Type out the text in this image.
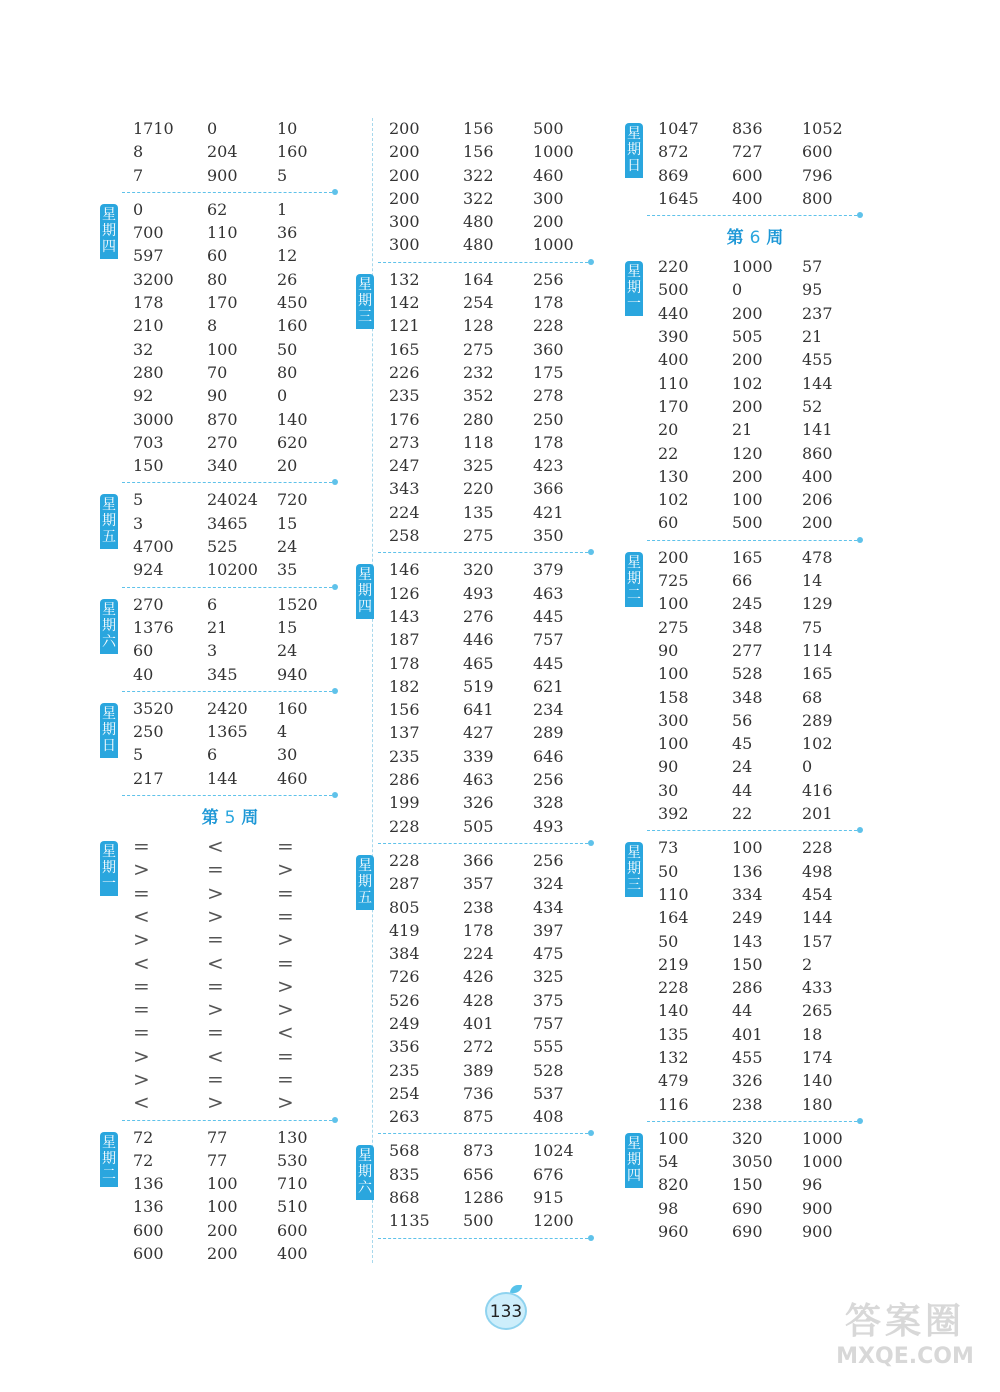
1710 0	10
8	204 160
7	900 5
星
期
四
0	62	1
700	110 36
597	60	12
3200 80	26
178	170 450
210	8	160
32	100 50
280	70	80
92	90	0
3000 870 140
703	270 620
150	340 20
星
期
五
5	24024 720
3	3465 15
4700 525 24
924	10200 35
星
期
六
270	6	1520
1376 21	15
60	3	24
40	345 940
星
期
日
3520 2420 160
250	1365 4
5	6	30
217	144 460
第 5 周
星
期
一
=	<	=
>	=	>
=	>	=
<	>	=
>	=	>
<	<	=
=	=	>
=	>	>
=	=	<
>	<	=
>	=	=
<	>	>
星
期
二
72	77	130
72	77	530
136	100 710
136	100 510
600	200 600
600	200 400
200	156 500
200	156 1000
200	322 460
200	322 300
300	480 200
300	480 1000
星
期
三
132	164 256
142	254 178
121	128 228
165	275 360
226	232 175
235	352 278
176	280 250
273	118 178
247	325 423
343	220 366
224	135 421
258	275 350
星
期
四
146	320 379
126	493 463
143	276 445
187	446 757
178	465 445
182	519 621
156	641 234
137	427 289
235	339 646
286	463 256
199	326 328
228	505 493
星
期
五
228	366 256
287	357 324
805	238 434
419	178 397
384	224 475
726	426 325
526	428 375
249	401 757
356	272 555
235	389 528
254	736 537
263	875 408
星
期
六
568	873 1024
835	656 676
868	1286 915
1135 500 1200
星
期
日
1047 836 1052
872	727 600
869	600 796
1645 400 800
第 6 周
星
期
一
220	1000 57
500	0	95
440	200 237
390	505 21
400	200 455
110	102 144
170	200 52
20	21	141
22	120 860
130	200 400
102	100 206
60	500 200
星
期
二
200	165 478
725	66	14
100	245 129
275	348 75
90	277 114
100	528 165
158	348 68
300	56	289
100	45	102
90	24	0
30	44	416
392	22	201
星
期
三
73	100 228
50	136 498
110	334 454
164	249 144
50	143 157
219	150 2
228	286 433
140	44	265
135	401 18
132	455 174
479	326 140
116	238 180
星
期
四
100	320 1000
54	3050 1000
820	150 96
98	690 900
960	690 900
133	答案圈
MXQE.COM
